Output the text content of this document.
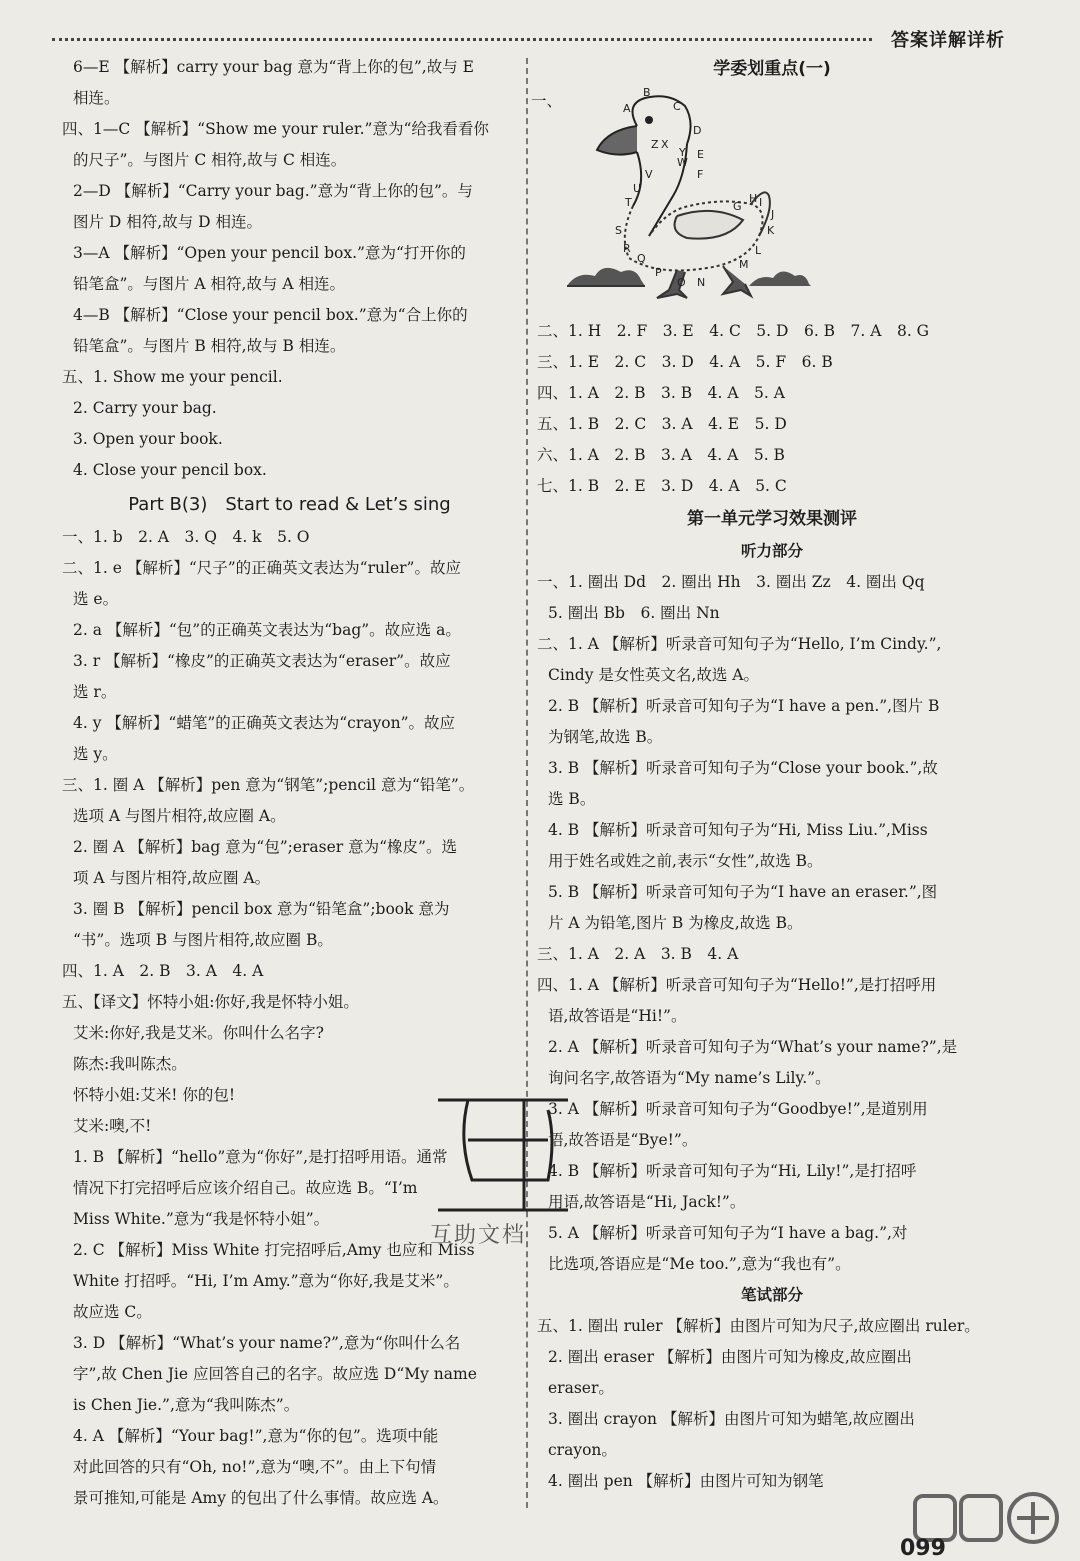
答案详解详析
6—E 【解析】carry your bag 意为“背上你的包”,故与 E
相连。
四、1—C 【解析】“Show me your ruler.”意为“给我看看你
的尺子”。与图片 C 相符,故与 C 相连。
2—D 【解析】“Carry your bag.”意为“背上你的包”。与
图片 D 相符,故与 D 相连。
3—A 【解析】“Open your pencil box.”意为“打开你的
铅笔盒”。与图片 A 相符,故与 A 相连。
4—B 【解析】“Close your pencil box.”意为“合上你的
铅笔盒”。与图片 B 相符,故与 B 相连。
五、1. Show me your pencil.
2. Carry your bag.
3. Open your book.
4. Close your pencil box.
Part B(3)　Start to read & Let’s sing
一、1. b　2. A　3. Q　4. k　5. O
二、1. e 【解析】“尺子”的正确英文表达为“ruler”。故应
选 e。
2. a 【解析】“包”的正确英文表达为“bag”。故应选 a。
3. r 【解析】“橡皮”的正确英文表达为“eraser”。故应
选 r。
4. y 【解析】“蜡笔”的正确英文表达为“crayon”。故应
选 y。
三、1. 圈 A 【解析】pen 意为“钢笔”;pencil 意为“铅笔”。
选项 A 与图片相符,故应圈 A。
2. 圈 A 【解析】bag 意为“包”;eraser 意为“橡皮”。选
项 A 与图片相符,故应圈 A。
3. 圈 B 【解析】pencil box 意为“铅笔盒”;book 意为
“书”。选项 B 与图片相符,故应圈 B。
四、1. A　2. B　3. A　4. A
五、【译文】怀特小姐:你好,我是怀特小姐。
艾米:你好,我是艾米。你叫什么名字?
陈杰:我叫陈杰。
怀特小姐:艾米! 你的包!
艾米:噢,不!
1. B 【解析】“hello”意为“你好”,是打招呼用语。通常
情况下打完招呼后应该介绍自己。故应选 B。“I’m
Miss White.”意为“我是怀特小姐”。
2. C 【解析】Miss White 打完招呼后,Amy 也应和 Miss
White 打招呼。“Hi, I’m Amy.”意为“你好,我是艾米”。
故应选 C。
3. D 【解析】“What’s your name?”,意为“你叫什么名
字”,故 Chen Jie 应回答自己的名字。故应选 D“My name
is Chen Jie.”,意为“我叫陈杰”。
4. A 【解析】“Your bag!”,意为“你的包”。选项中能
对此回答的只有“Oh, no!”,意为“噢,不”。由上下句情
景可推知,可能是 Amy 的包出了什么事情。故应选 A。
学委划重点(一)
一、	A
B
C
D
E
F
G
H I
J
K
L
M
N
O
P
Q
R
S
T
U
V
W
X
Y
Z
二、1. H　2. F　3. E　4. C　5. D　6. B　7. A　8. G
三、1. E　2. C　3. D　4. A　5. F　6. B
四、1. A　2. B　3. B　4. A　5. A
五、1. B　2. C　3. A　4. E　5. D
六、1. A　2. B　3. A　4. A　5. B
七、1. B　2. E　3. D　4. A　5. C
第一单元学习效果测评
听力部分
一、1. 圈出 Dd　2. 圈出 Hh　3. 圈出 Zz　4. 圈出 Qq
5. 圈出 Bb　6. 圈出 Nn
二、1. A 【解析】听录音可知句子为“Hello, I’m Cindy.”,
Cindy 是女性英文名,故选 A。
2. B 【解析】听录音可知句子为“I have a pen.”,图片 B
为钢笔,故选 B。
3. B 【解析】听录音可知句子为“Close your book.”,故
选 B。
4. B 【解析】听录音可知句子为“Hi, Miss Liu.”,Miss
用于姓名或姓之前,表示“女性”,故选 B。
5. B 【解析】听录音可知句子为“I have an eraser.”,图
片 A 为铅笔,图片 B 为橡皮,故选 B。
三、1. A　2. A　3. B　4. A
四、1. A 【解析】听录音可知句子为“Hello!”,是打招呼用
语,故答语是“Hi!”。
2. A 【解析】听录音可知句子为“What’s your name?”,是
询问名字,故答语为“My name’s Lily.”。
3. A 【解析】听录音可知句子为“Goodbye!”,是道别用
语,故答语是“Bye!”。
4. B 【解析】听录音可知句子为“Hi, Lily!”,是打招呼
用语,故答语是“Hi, Jack!”。
5. A 【解析】听录音可知句子为“I have a bag.”,对
比选项,答语应是“Me too.”,意为“我也有”。
笔试部分
五、1. 圈出 ruler 【解析】由图片可知为尺子,故应圈出 ruler。
2. 圈出 eraser 【解析】由图片可知为橡皮,故应圈出
eraser。
3. 圈出 crayon 【解析】由图片可知为蜡笔,故应圈出
crayon。
4. 圈出 pen 【解析】由图片可知为钢笔
互助文档
099
